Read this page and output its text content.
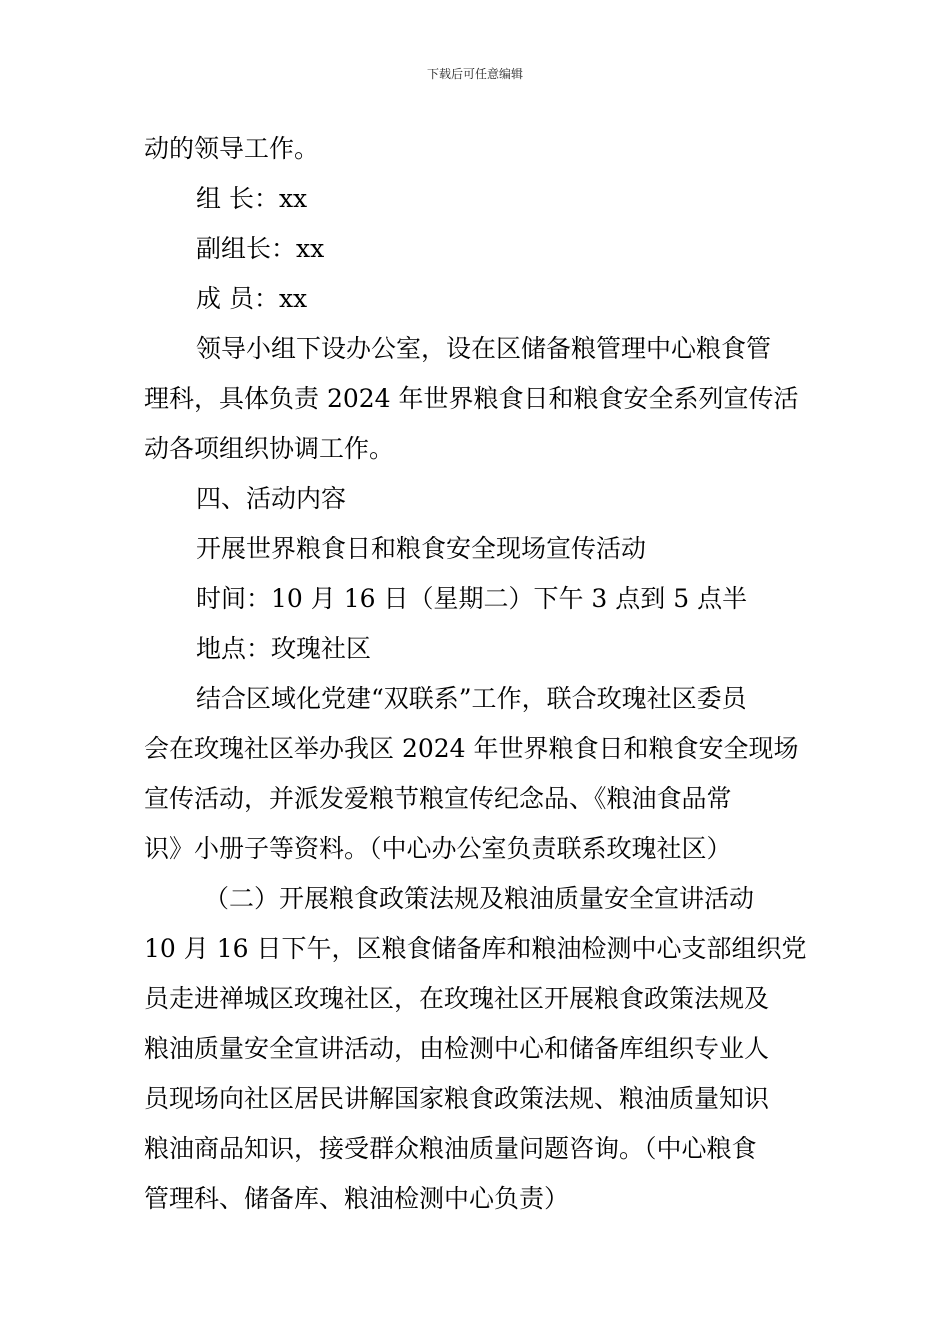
下载后可任意编辑
动的领导工作。
组 长：xx
副组长：xx
成 员：xx
领导小组下设办公室，设在区储备粮管理中心粮食管
理科，具体负责 2024 年世界粮食日和粮食安全系列宣传活
动各项组织协调工作。
四、活动内容
开展世界粮食日和粮食安全现场宣传活动
时间：10 月 16 日（星期二）下午 3 点到 5 点半
地点：玫瑰社区
结合区域化党建“双联系”工作，联合玫瑰社区委员
会在玫瑰社区举办我区 2024 年世界粮食日和粮食安全现场
宣传活动，并派发爱粮节粮宣传纪念品、《粮油食品常
识》小册子等资料。（中心办公室负责联系玫瑰社区）
（二）开展粮食政策法规及粮油质量安全宣讲活动
10 月 16 日下午，区粮食储备库和粮油检测中心支部组织党
员走进禅城区玫瑰社区，在玫瑰社区开展粮食政策法规及
粮油质量安全宣讲活动，由检测中心和储备库组织专业人
员现场向社区居民讲解国家粮食政策法规、粮油质量知识
粮油商品知识，接受群众粮油质量问题咨询。（中心粮食
管理科、储备库、粮油检测中心负责）
